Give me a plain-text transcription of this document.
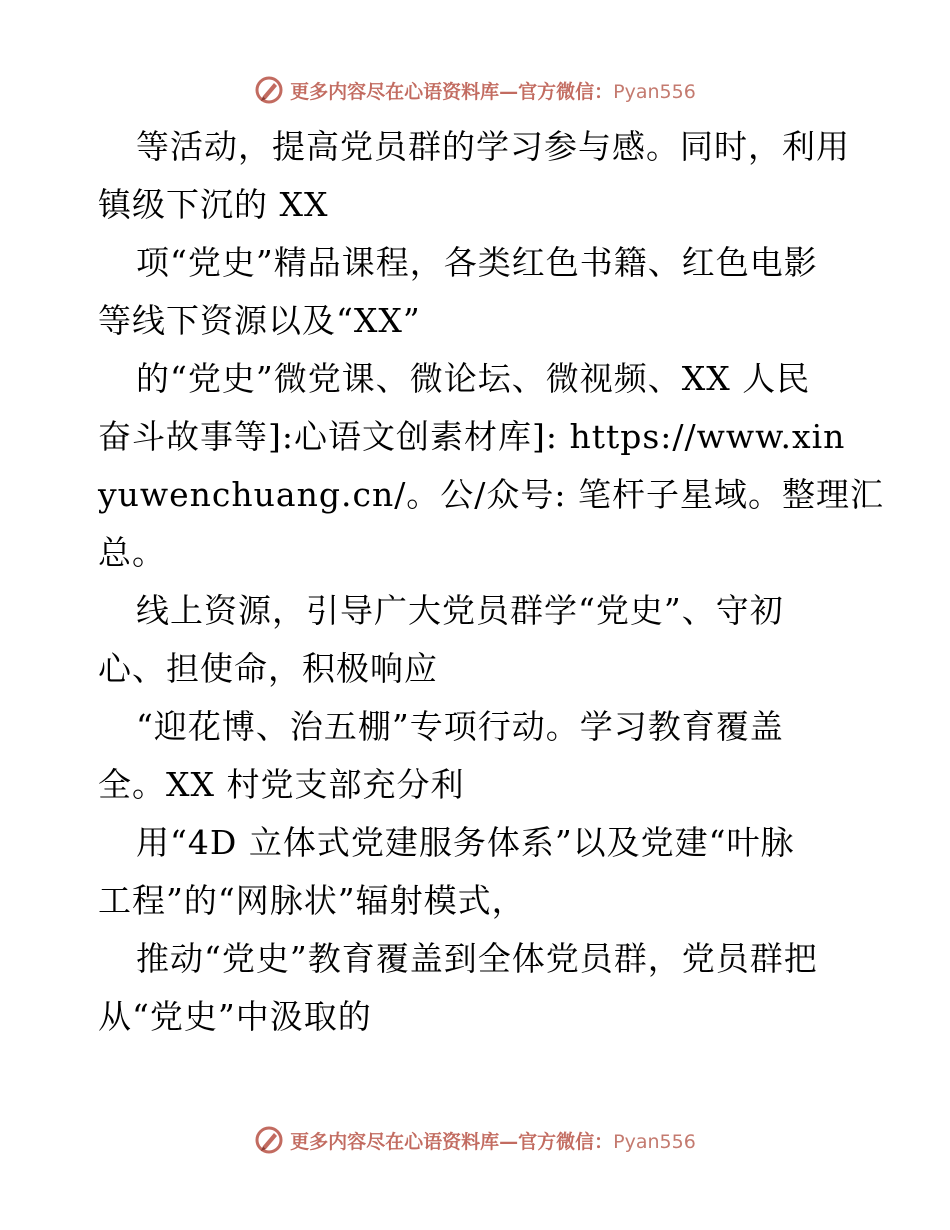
更多内容尽在心语资料库—官方微信：Pyan556
等活动，提高党员群的学习参与感。同时，利用
镇级下沉的 XX
项“党史”精品课程，各类红色书籍、红色电影
等线下资源以及“XX”
的“党史”微党课、微论坛、微视频、XX 人民
奋斗故事等]:心语文创素材库]: https://www.xin
yuwenchuang.cn/。公/众号: 笔杆子星域。整理汇
总。
线上资源，引导广大党员群学“党史”、守初
心、担使命，积极响应
“迎花博、治五棚”专项行动。学习教育覆盖
全。XX 村党支部充分利
用“4D 立体式党建服务体系”以及党建“叶脉
工程”的“网脉状”辐射模式，
推动“党史”教育覆盖到全体党员群，党员群把
从“党史”中汲取的
更多内容尽在心语资料库—官方微信：Pyan556
